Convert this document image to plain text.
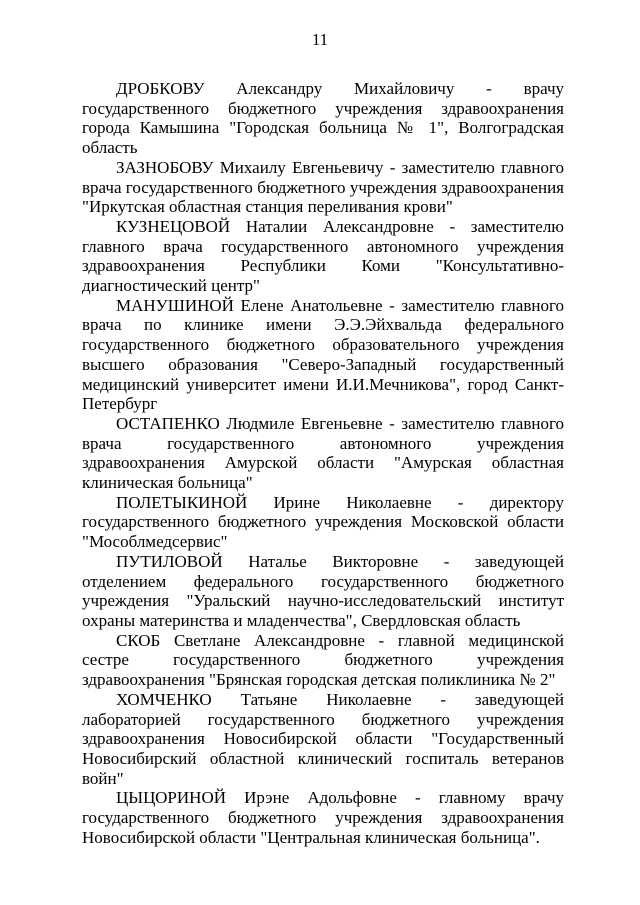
11

ДРОБКОВУ Александру Михайловичу - врачу государственного бюджетного учреждения здравоохранения города Камышина "Городская больница № 1", Волгоградская область

ЗАЗНОБОВУ Михаилу Евгеньевичу - заместителю главного врача государственного бюджетного учреждения здравоохранения "Иркутская областная станция переливания крови"

КУЗНЕЦОВОЙ Наталии Александровне - заместителю главного врача государственного автономного учреждения здравоохранения Республики Коми "Консультативно-диагностический центр"

МАНУШИНОЙ Елене Анатольевне - заместителю главного врача по клинике имени Э.Э.Эйхвальда федерального государственного бюджетного образовательного учреждения высшего образования "Северо-Западный государственный медицинский университет имени И.И.Мечникова", город Санкт-Петербург

ОСТАПЕНКО Людмиле Евгеньевне - заместителю главного врача государственного автономного учреждения здравоохранения Амурской области "Амурская областная клиническая больница"

ПОЛЕТЫКИНОЙ Ирине Николаевне - директору государственного бюджетного учреждения Московской области "Мособлмедсервис"

ПУТИЛОВОЙ Наталье Викторовне - заведующей отделением федерального государственного бюджетного учреждения "Уральский научно-исследовательский институт охраны материнства и младенчества", Свердловская область

СКОБ Светлане Александровне - главной медицинской сестре государственного бюджетного учреждения здравоохранения "Брянская городская детская поликлиника № 2"

ХОМЧЕНКО Татьяне Николаевне - заведующей лабораторией государственного бюджетного учреждения здравоохранения Новосибирской области "Государственный Новосибирский областной клинический госпиталь ветеранов войн"

ЦЫЦОРИНОЙ Ирэне Адольфовне - главному врачу государственного бюджетного учреждения здравоохранения Новосибирской области "Центральная клиническая больница".
